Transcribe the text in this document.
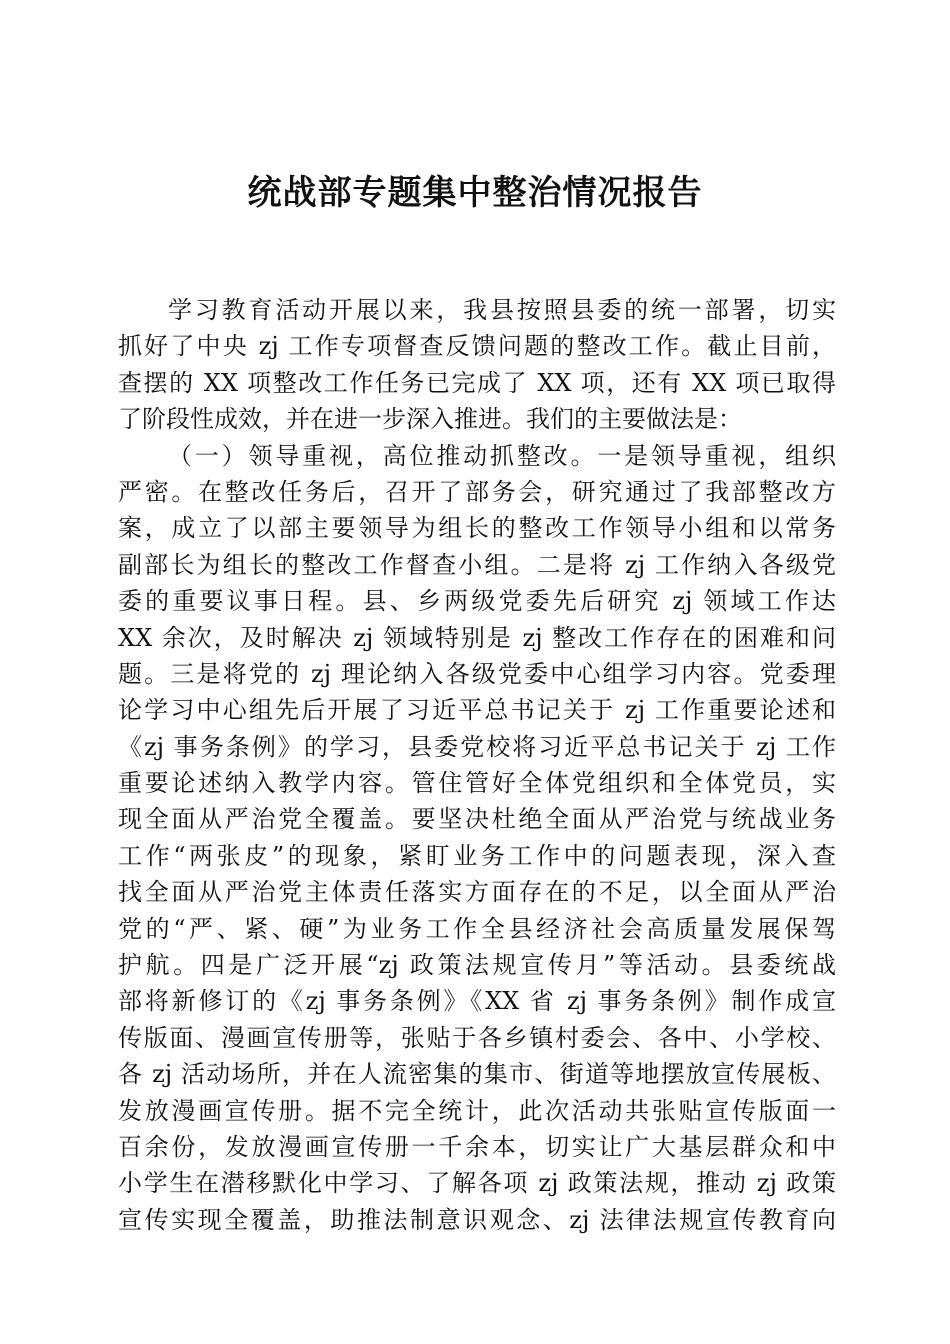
统战部专题集中整治情况报告
学习教育活动开展以来，我县按照县委的统一部署，切实
抓好了中央 zj 工作专项督查反馈问题的整改工作。截止目前，
查摆的 XX 项整改工作任务已完成了 XX 项，还有 XX 项已取得
了阶段性成效，并在进一步深入推进。我们的主要做法是：
（一）领导重视，高位推动抓整改。一是领导重视，组织
严密。在整改任务后，召开了部务会，研究通过了我部整改方
案，成立了以部主要领导为组长的整改工作领导小组和以常务
副部长为组长的整改工作督查小组。二是将 zj 工作纳入各级党
委的重要议事日程。县、乡两级党委先后研究 zj 领域工作达
XX 余次，及时解决 zj 领域特别是 zj 整改工作存在的困难和问
题。三是将党的 zj 理论纳入各级党委中心组学习内容。党委理
论学习中心组先后开展了习近平总书记关于 zj 工作重要论述和
《zj 事务条例》的学习，县委党校将习近平总书记关于 zj 工作
重要论述纳入教学内容。管住管好全体党组织和全体党员，实
现全面从严治党全覆盖。要坚决杜绝全面从严治党与统战业务
工作“两张皮”的现象，紧盯业务工作中的问题表现，深入查
找全面从严治党主体责任落实方面存在的不足，以全面从严治
党的“严、紧、硬”为业务工作全县经济社会高质量发展保驾
护航。四是广泛开展“zj 政策法规宣传月”等活动。县委统战
部将新修订的《zj 事务条例》《XX 省 zj 事务条例》制作成宣
传版面、漫画宣传册等，张贴于各乡镇村委会、各中、小学校、
各 zj 活动场所，并在人流密集的集市、街道等地摆放宣传展板、
发放漫画宣传册。据不完全统计，此次活动共张贴宣传版面一
百余份，发放漫画宣传册一千余本，切实让广大基层群众和中
小学生在潜移默化中学习、了解各项 zj 政策法规，推动 zj 政策
宣传实现全覆盖，助推法制意识观念、zj 法律法规宣传教育向
